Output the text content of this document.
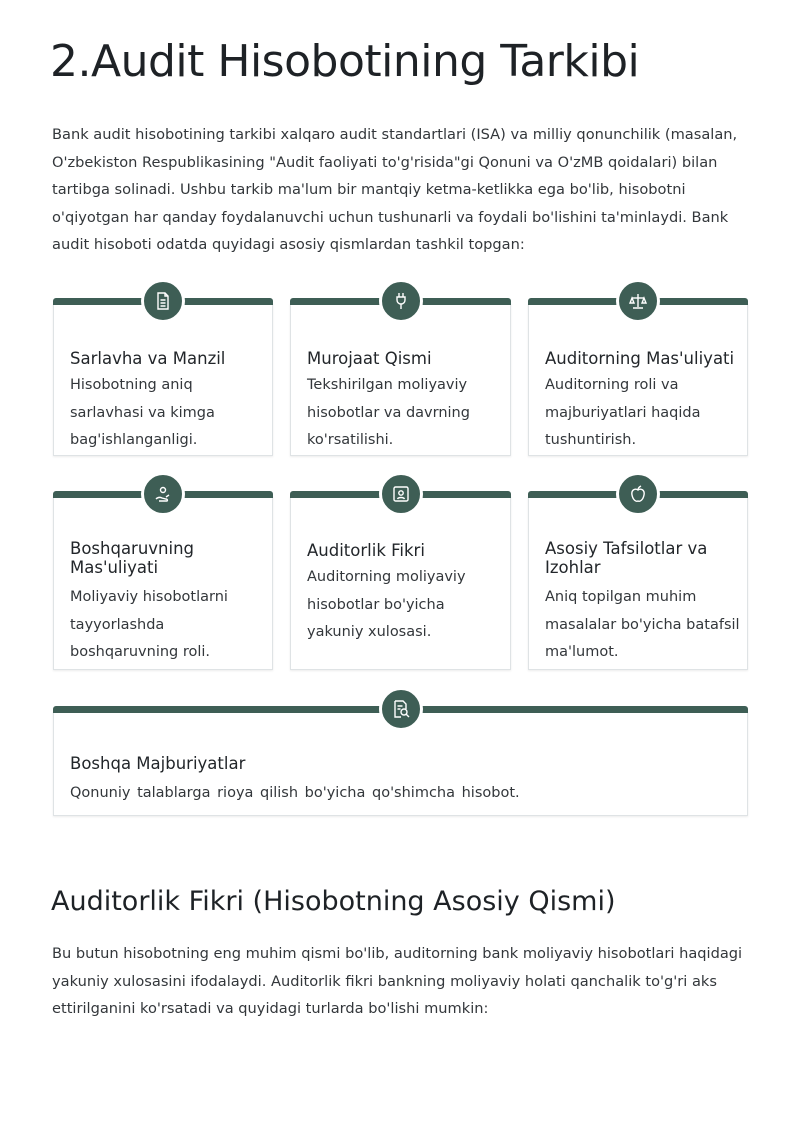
2.Audit Hisobotining Tarkibi

Bank audit hisobotining tarkibi xalqaro audit standartlari (ISA) va milliy qonunchilik (masalan, O'zbekiston Respublikasining "Audit faoliyati to'g'risida"gi Qonuni va O'zMB qoidalari) bilan tartibga solinadi. Ushbu tarkib ma'lum bir mantqiy ketma-ketlikka ega bo'lib, hisobotni o'qiyotgan har qanday foydalanuvchi uchun tushunarli va foydali bo'lishini ta'minlaydi. Bank audit hisoboti odatda quyidagi asosiy qismlardan tashkil topgan:

Sarlavha va Manzil

Hisobotning aniq sarlavhasi va kimga bag'ishlanganligi.

Murojaat Qismi

Tekshirilgan moliyaviy hisobotlar va davrning ko'rsatilishi.

Auditorning Mas'uliyati

Auditorning roli va majburiyatlari haqida tushuntirish.

Boshqaruvning Mas'uliyati

Moliyaviy hisobotlarni tayyorlashda boshqaruvning roli.

Auditorlik Fikri

Auditorning moliyaviy hisobotlar bo'yicha yakuniy xulosasi.

Asosiy Tafsilotlar va Izohlar

Aniq topilgan muhim masalalar bo'yicha batafsil ma'lumot.

Boshqa Majburiyatlar

Qonuniy talablarga rioya qilish bo'yicha qo'shimcha hisobot.

Auditorlik Fikri (Hisobotning Asosiy Qismi)

Bu butun hisobotning eng muhim qismi bo'lib, auditorning bank moliyaviy hisobotlari haqidagi yakuniy xulosasini ifodalaydi. Auditorlik fikri bankning moliyaviy holati qanchalik to'g'ri aks ettirilganini ko'rsatadi va quyidagi turlarda bo'lishi mumkin:
